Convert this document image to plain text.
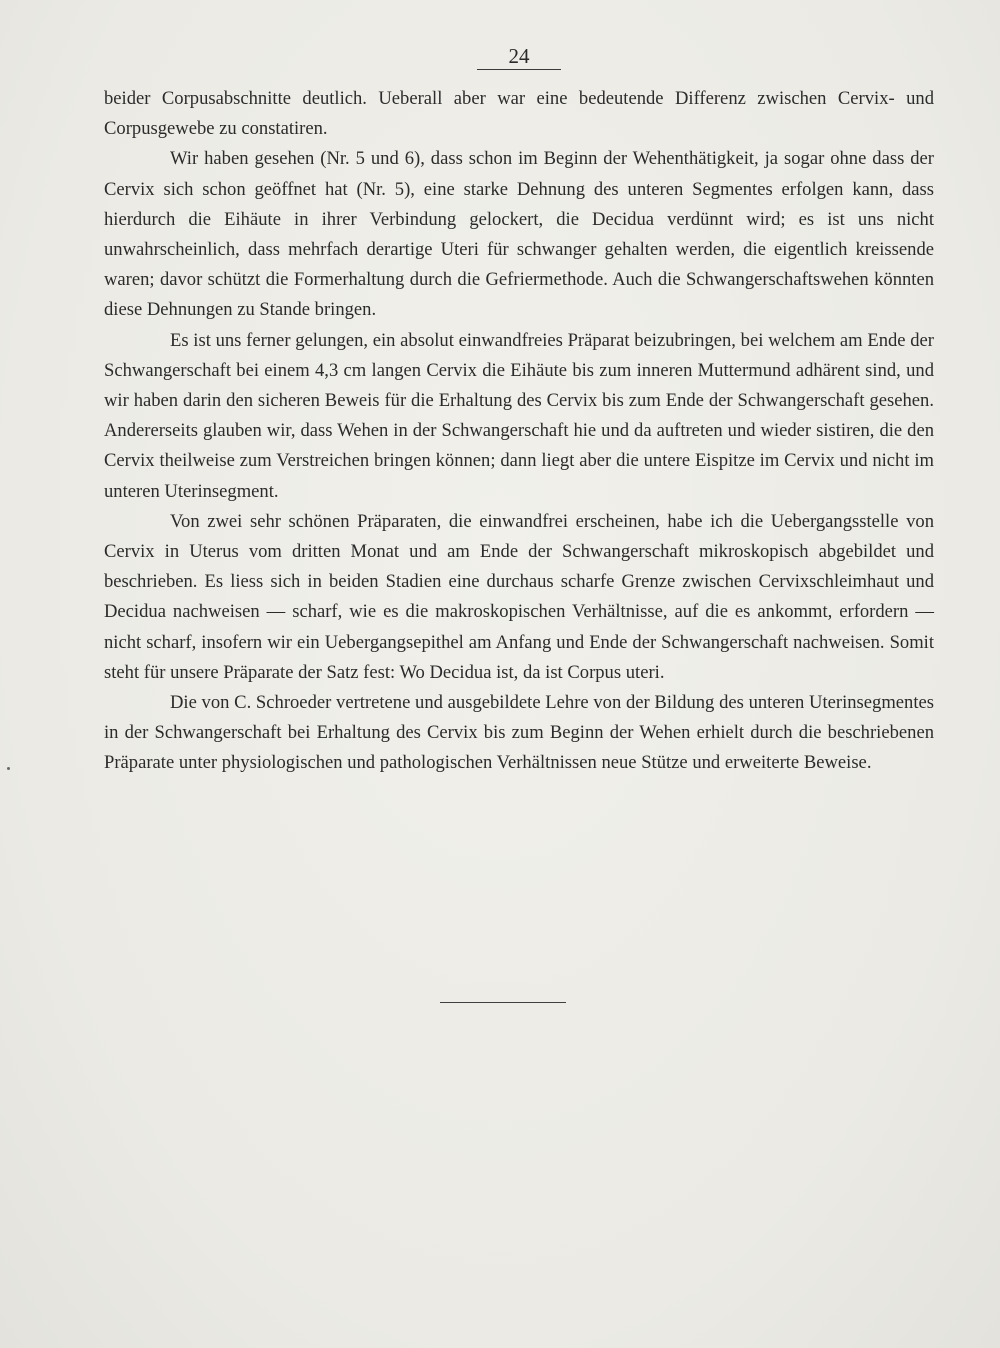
24

beider Corpusabschnitte deutlich. Ueberall aber war eine bedeutende Differenz zwischen Cervix- und Corpusgewebe zu constatiren.

Wir haben gesehen (Nr. 5 und 6), dass schon im Beginn der Wehenthätigkeit, ja sogar ohne dass der Cervix sich schon geöffnet hat (Nr. 5), eine starke Dehnung des unteren Segmentes erfolgen kann, dass hierdurch die Eihäute in ihrer Verbindung gelockert, die Decidua verdünnt wird; es ist uns nicht unwahrscheinlich, dass mehrfach derartige Uteri für schwanger gehalten werden, die eigentlich kreissende waren; davor schützt die Formerhaltung durch die Gefriermethode. Auch die Schwangerschaftswehen könnten diese Dehnungen zu Stande bringen.

Es ist uns ferner gelungen, ein absolut einwandfreies Präparat beizubringen, bei welchem am Ende der Schwangerschaft bei einem 4,3 cm langen Cervix die Eihäute bis zum inneren Muttermund adhärent sind, und wir haben darin den sicheren Beweis für die Erhaltung des Cervix bis zum Ende der Schwangerschaft gesehen. Andererseits glauben wir, dass Wehen in der Schwangerschaft hie und da auftreten und wieder sistiren, die den Cervix theilweise zum Verstreichen bringen können; dann liegt aber die untere Eispitze im Cervix und nicht im unteren Uterinsegment.

Von zwei sehr schönen Präparaten, die einwandfrei erscheinen, habe ich die Uebergangsstelle von Cervix in Uterus vom dritten Monat und am Ende der Schwangerschaft mikroskopisch abgebildet und beschrieben. Es liess sich in beiden Stadien eine durchaus scharfe Grenze zwischen Cervixschleimhaut und Decidua nachweisen — scharf, wie es die makroskopischen Verhältnisse, auf die es ankommt, erfordern — nicht scharf, insofern wir ein Uebergangsepithel am Anfang und Ende der Schwangerschaft nachweisen. Somit steht für unsere Präparate der Satz fest: Wo Decidua ist, da ist Corpus uteri.

Die von C. Schroeder vertretene und ausgebildete Lehre von der Bildung des unteren Uterinsegmentes in der Schwangerschaft bei Erhaltung des Cervix bis zum Beginn der Wehen erhielt durch die beschriebenen Präparate unter physiologischen und pathologischen Verhältnissen neue Stütze und erweiterte Beweise.
